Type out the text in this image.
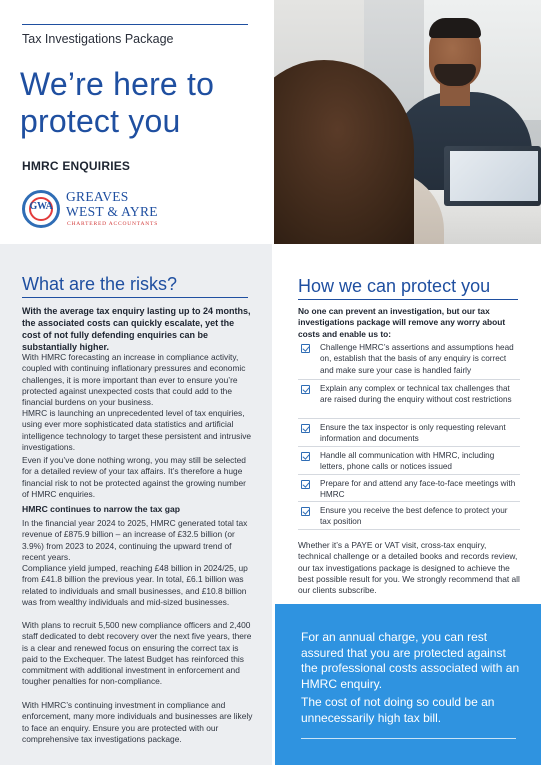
Tax Investigations Package
We’re here to protect you
HMRC ENQUIRIES
GWA
GREAVES
WEST & AYRE
CHARTERED ACCOUNTANTS
What are the risks?

With the average tax enquiry lasting up to 24 months, the associated costs can quickly escalate, yet the cost of not fully defending enquiries can be substantially higher.

With HMRC forecasting an increase in compliance activity, coupled with continuing inflationary pressures and economic challenges, it is more important than ever to ensure you’re protected against unexpected costs that could add to the financial burdens on your business.

HMRC is launching an unprecedented level of tax enquiries, using ever more sophisticated data statistics and artificial intelligence technology to target these persistent and intrusive investigations.

Even if you’ve done nothing wrong, you may still be selected for a detailed review of your tax affairs. It’s therefore a huge financial risk to not be protected against the growing number of HMRC enquiries.

HMRC continues to narrow the tax gap

In the financial year 2024 to 2025, HMRC generated total tax revenue of £875.9 billion – an increase of £32.5 billion (or 3.9%) from 2023 to 2024, continuing the upward trend of recent years.

Compliance yield jumped, reaching £48 billion in 2024/25, up from £41.8 billion the previous year. In total, £6.1 billion was related to individuals and small businesses, and £10.8 billion was from wealthy individuals and mid-sized businesses.

With plans to recruit 5,500 new compliance officers and 2,400 staff dedicated to debt recovery over the next five years, there is a clear and renewed focus on ensuring the correct tax is paid to the Exchequer. The latest Budget has reinforced this commitment with additional investment in enforcement and tougher penalties for non-compliance.

With HMRC’s continuing investment in compliance and enforcement, many more individuals and businesses are likely to face an enquiry. Ensure you are protected with our comprehensive tax investigations package.

How we can protect you

No one can prevent an investigation, but our tax investigations package will remove any worry about costs and enable us to:

Challenge HMRC’s assertions and assumptions head on, establish that the basis of any enquiry is correct and make sure your case is handled fairly
Explain any complex or technical tax challenges that are raised during the enquiry without cost restrictions
Ensure the tax inspector is only requesting relevant information and documents
Handle all communication with HMRC, including letters, phone calls or notices issued
Prepare for and attend any face-to-face meetings with HMRC
Ensure you receive the best defence to protect your tax position

Whether it’s a PAYE or VAT visit, cross-tax enquiry, technical challenge or a detailed books and records review, our tax investigations package is designed to achieve the best possible result for you. We strongly recommend that all our clients subscribe.

For an annual charge, you can rest assured that you are protected against the professional costs associated with an HMRC enquiry.

The cost of not doing so could be an unnecessarily high tax bill.
